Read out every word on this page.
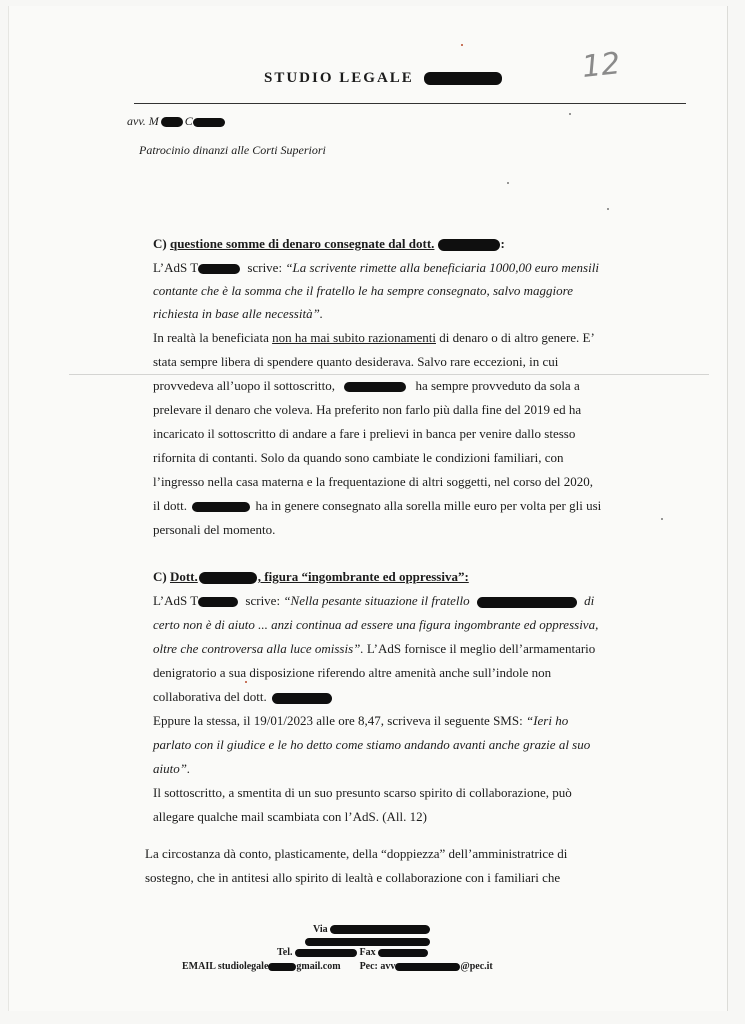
STUDIO LEGALE	12
avv. M C
Patrocinio dinanzi alle Corti Superiori
C) questione somme di denaro consegnate dal dott.	:
L’AdS T	scrive: “La scrivente rimette alla beneficiaria 1000,00 euro mensili
contante che è la somma che il fratello le ha sempre consegnato, salvo maggiore
richiesta in base alle necessità”.
In realtà la beneficiata non ha mai subito razionamenti di denaro o di altro genere. E’
stata sempre libera di spendere quanto desiderava. Salvo rare eccezioni, in cui
provvedeva all’uopo il sottoscritto,	ha sempre provveduto da sola a
prelevare il denaro che voleva. Ha preferito non farlo più dalla fine del 2019 ed ha
incaricato il sottoscritto di andare a fare i prelievi in banca per venire dallo stesso
rifornita di contanti. Solo da quando sono cambiate le condizioni familiari, con
l’ingresso nella casa materna e la frequentazione di altri soggetti, nel corso del 2020,
il dott.	ha in genere consegnato alla sorella mille euro per volta per gli usi
personali del momento.
C) Dott.	, figura “ingombrante ed oppressiva”:
L’AdS T	scrive: “Nella pesante situazione il fratello	di
certo non è di aiuto ... anzi continua ad essere una figura ingombrante ed oppressiva,
oltre che controversa alla luce omissis”. L’AdS fornisce il meglio dell’armamentario
denigratorio a sua disposizione riferendo altre amenità anche sull’indole non
collaborativa del dott.
Eppure la stessa, il 19/01/2023 alle ore 8,47, scriveva il seguente SMS: “Ieri ho
parlato con il giudice e le ho detto come stiamo andando avanti anche grazie al suo
aiuto”.
Il sottoscritto, a smentita di un suo presunto scarso spirito di collaborazione, può
allegare qualche mail scambiata con l’AdS. (All. 12)
La circostanza dà conto, plasticamente, della “doppiezza” dell’amministratrice di
sostegno, che in antitesi allo spirito di lealtà e collaborazione con i familiari che
Via
Tel.	Fax
EMAIL studiolegale	gmail.com Pec: avv	@pec.it
